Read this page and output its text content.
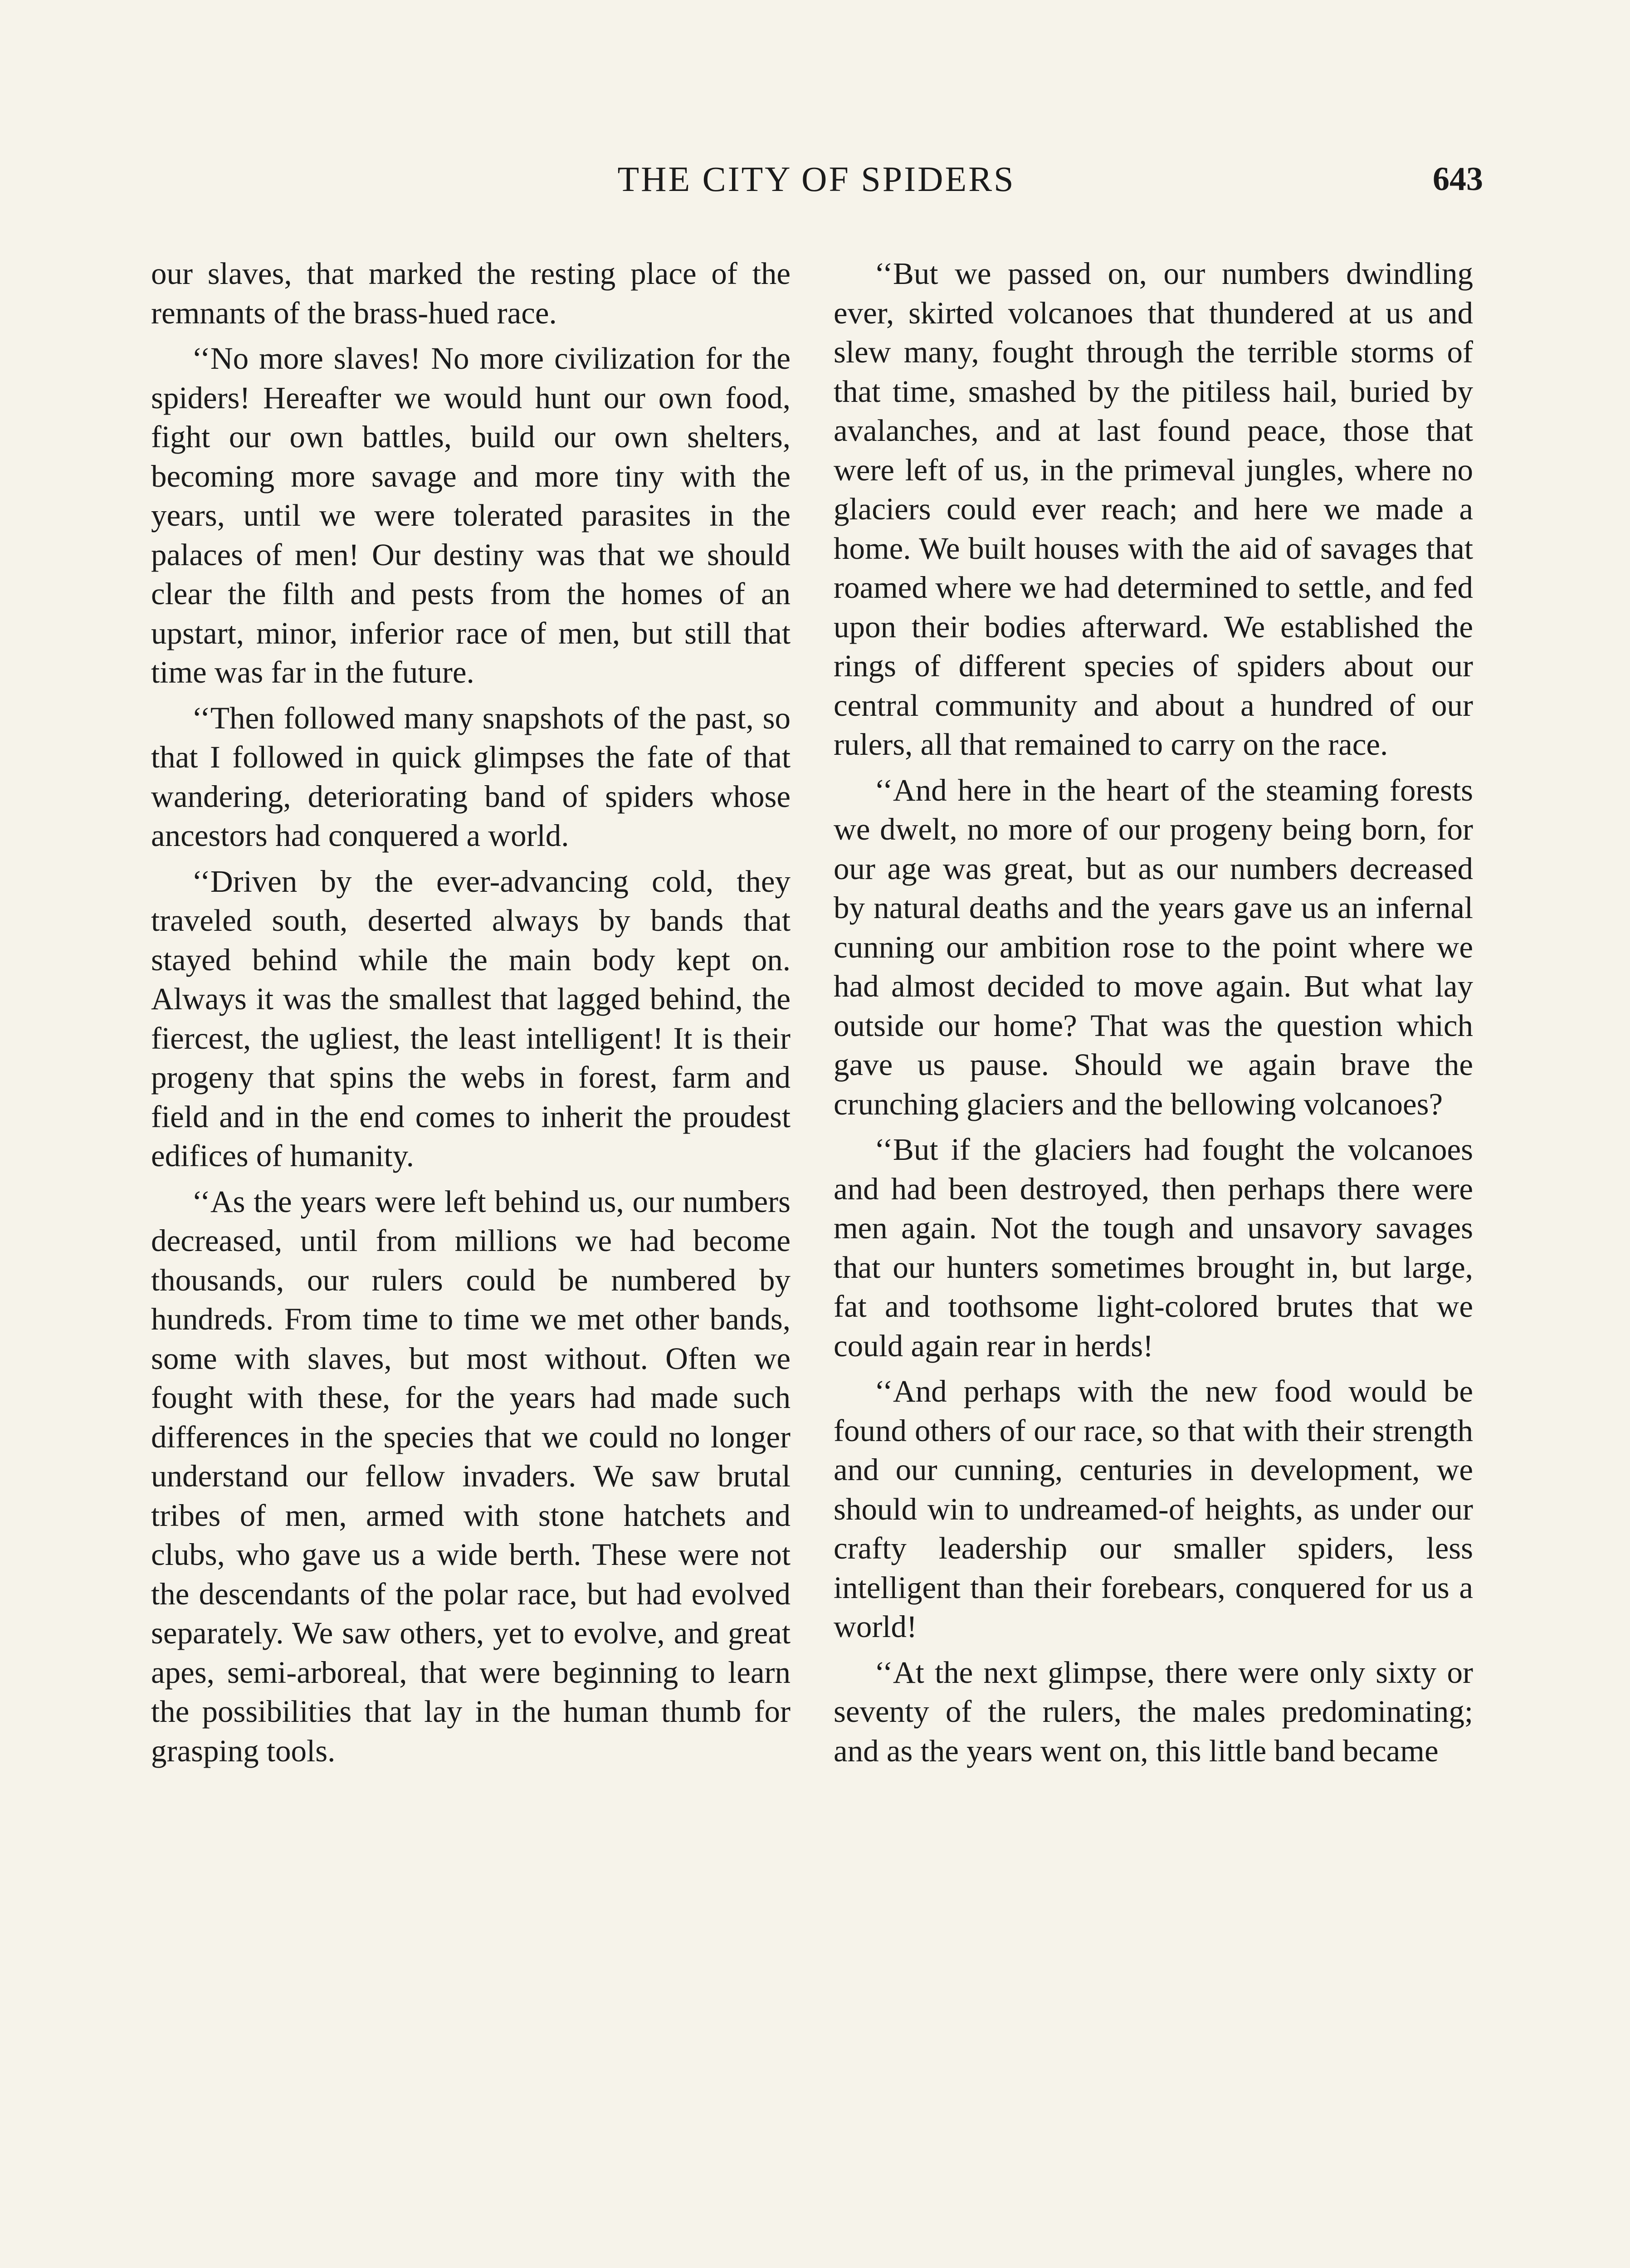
THE CITY OF SPIDERS	643

our slaves, that marked the resting place of the remnants of the brass-hued race.

‘‘No more slaves! No more civilization for the spiders! Hereafter we would hunt our own food, fight our own battles, build our own shelters, becoming more savage and more tiny with the years, until we were tolerated parasites in the palaces of men! Our destiny was that we should clear the filth and pests from the homes of an upstart, minor, inferior race of men, but still that time was far in the future.

‘‘Then followed many snapshots of the past, so that I followed in quick glimpses the fate of that wandering, deteriorating band of spiders whose ancestors had conquered a world.

‘‘Driven by the ever-advancing cold, they traveled south, deserted always by bands that stayed behind while the main body kept on. Always it was the smallest that lagged behind, the fiercest, the ugliest, the least intelligent! It is their progeny that spins the webs in forest, farm and field and in the end comes to inherit the proudest edifices of humanity.

‘‘As the years were left behind us, our numbers decreased, until from millions we had become thousands, our rulers could be numbered by hundreds. From time to time we met other bands, some with slaves, but most without. Often we fought with these, for the years had made such differences in the species that we could no longer understand our fellow invaders. We saw brutal tribes of men, armed with stone hatchets and clubs, who gave us a wide berth. These were not the descendants of the polar race, but had evolved separately. We saw others, yet to evolve, and great apes, semi-arboreal, that were beginning to learn the possibilities that lay in the human thumb for grasping tools.

‘‘But we passed on, our numbers dwindling ever, skirted volcanoes that thundered at us and slew many, fought through the terrible storms of that time, smashed by the pitiless hail, buried by avalanches, and at last found peace, those that were left of us, in the primeval jungles, where no glaciers could ever reach; and here we made a home. We built houses with the aid of savages that roamed where we had determined to settle, and fed upon their bodies afterward. We established the rings of different species of spiders about our central community and about a hundred of our rulers, all that remained to carry on the race.

‘‘And here in the heart of the steaming forests we dwelt, no more of our progeny being born, for our age was great, but as our numbers decreased by natural deaths and the years gave us an infernal cunning our ambition rose to the point where we had almost decided to move again. But what lay outside our home? That was the question which gave us pause. Should we again brave the crunching glaciers and the bellowing volcanoes?

‘‘But if the glaciers had fought the volcanoes and had been destroyed, then perhaps there were men again. Not the tough and unsavory savages that our hunters sometimes brought in, but large, fat and toothsome light-colored brutes that we could again rear in herds!

‘‘And perhaps with the new food would be found others of our race, so that with their strength and our cunning, centuries in development, we should win to undreamed-of heights, as under our crafty leadership our smaller spiders, less intelligent than their forebears, conquered for us a world!

‘‘At the next glimpse, there were only sixty or seventy of the rulers, the males predominating; and as the years went on, this little band became
